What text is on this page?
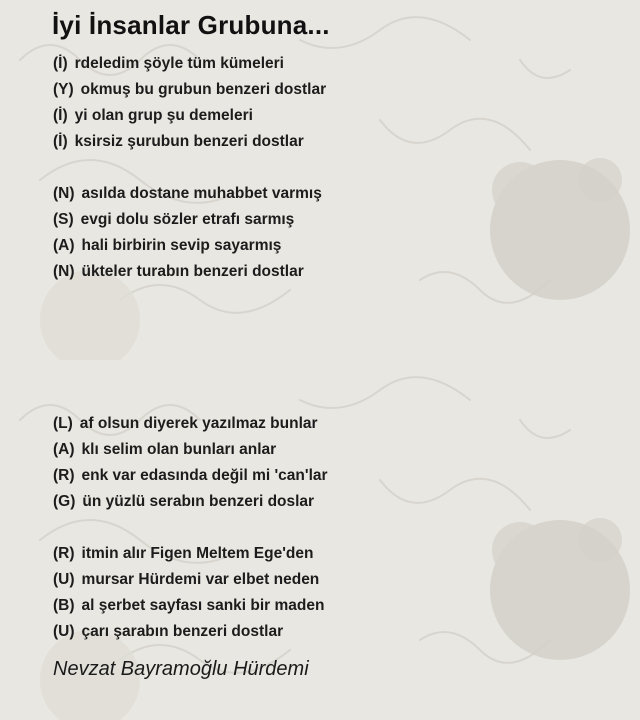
İyi İnsanlar Grubuna...
(İ) rdeledim şöyle tüm kümeleri
(Y) okmuş bu grubun benzeri dostlar
(İ) yi olan grup şu demeleri
(İ) ksirsiz şurubun benzeri dostlar
(N) asılda dostane muhabbet varmış
(S) evgi dolu sözler etrafı sarmış
(A) hali birbirin sevip sayarmış
(N) ükteler turabın benzeri dostlar
(L) af olsun diyerek yazılmaz bunlar
(A) klı selim olan bunları anlar
(R) enk var edasında değil mi 'can'lar
(G) ün yüzlü serabın benzeri doslar
(R) itmin alır Figen Meltem Ege'den
(U) mursar Hürdemi var elbet neden
(B) al şerbet sayfası sanki bir maden
(U) çarı şarabın benzeri dostlar
Nevzat Bayramoğlu Hürdemi
